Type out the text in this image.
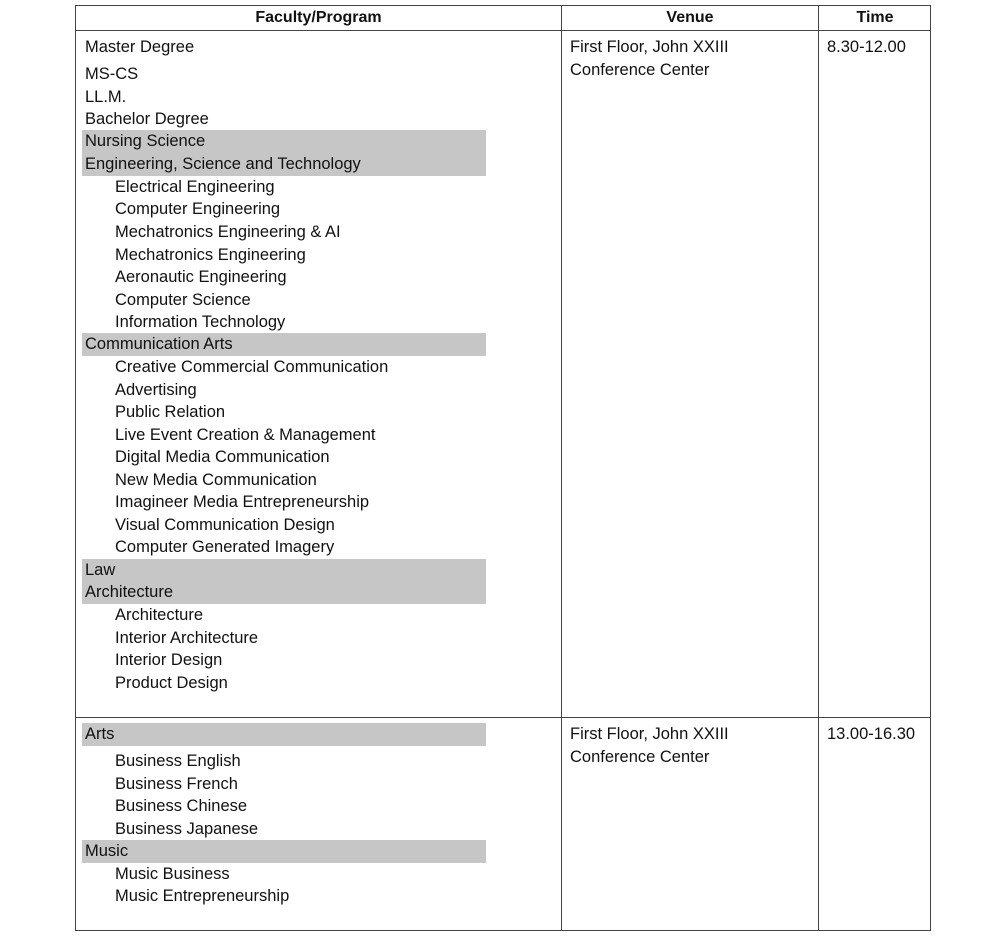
Faculty/Program	Venue	Time
Master Degree
MS-CS
LL.M.
Bachelor Degree
Nursing Science
Engineering, Science and Technology
Electrical Engineering
Computer Engineering
Mechatronics Engineering & AI
Mechatronics Engineering
Aeronautic Engineering
Computer Science
Information Technology
Communication Arts
Creative Commercial Communication
Advertising
Public Relation
Live Event Creation & Management
Digital Media Communication
New Media Communication
Imagineer Media Entrepreneurship
Visual Communication Design
Computer Generated Imagery
Law
Architecture
Architecture
Interior Architecture
Interior Design
Product Design
First Floor, John XXIII
Conference Center
8.30-12.00
Arts
Business English
Business French
Business Chinese
Business Japanese
Music
Music Business
Music Entrepreneurship
First Floor, John XXIII
Conference Center
13.00-16.30
